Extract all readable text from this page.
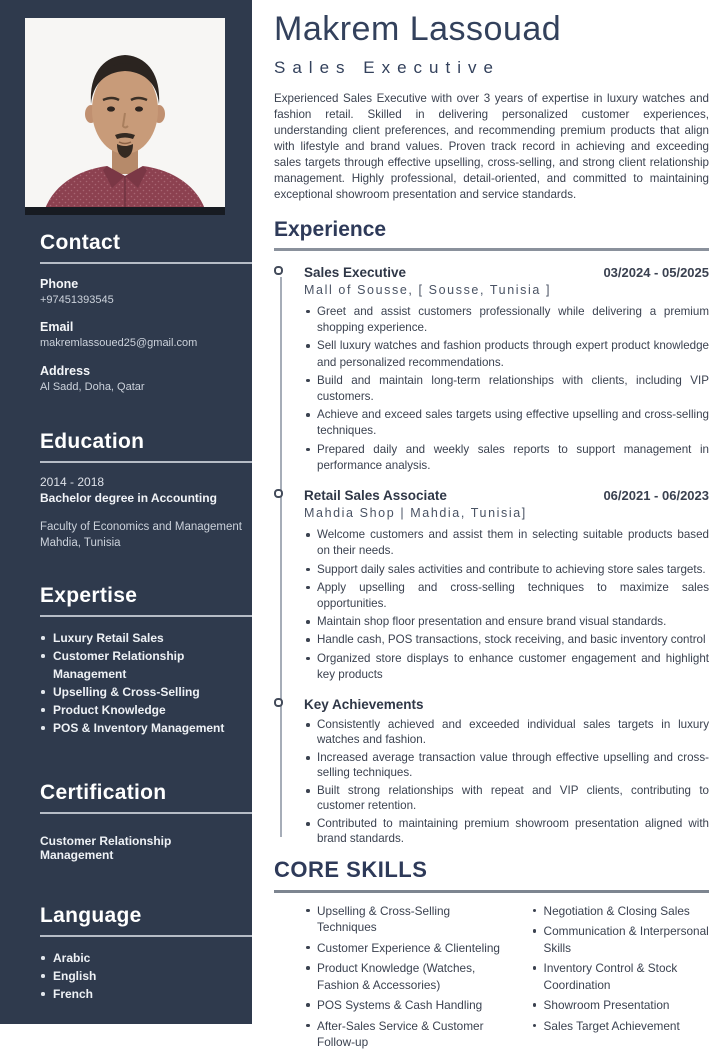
Contact
Phone
+97451393545
Email
makremlassoued25@gmail.com
Address
Al Sadd, Doha, Qatar
Education
2014 - 2018
Bachelor degree in Accounting
Faculty of Economics and Management
Mahdia, Tunisia
Expertise
Luxury Retail Sales
Customer Relationship Management
Upselling & Cross-Selling
Product Knowledge
POS & Inventory Management
Certification
Customer Relationship Management
Language
Arabic
English
French
Makrem Lassouad
Sales Executive

Experienced Sales Executive with over 3 years of expertise in luxury watches and fashion retail. Skilled in delivering personalized customer experiences, understanding client preferences, and recommending premium products that align with lifestyle and brand values. Proven track record in achieving and exceeding sales targets through effective upselling, cross-selling, and strong client relationship management. Highly professional, detail-oriented, and committed to maintaining exceptional showroom presentation and service standards.

Experience
Sales Executive	03/2024 - 05/2025
Mall of Sousse, [ Sousse, Tunisia ]
Greet and assist customers professionally while delivering a premium shopping experience.
Sell luxury watches and fashion products through expert product knowledge and personalized recommendations.
Build and maintain long-term relationships with clients, including VIP customers.
Achieve and exceed sales targets using effective upselling and cross-selling techniques.
Prepared daily and weekly sales reports to support management in performance analysis.
Retail Sales Associate	06/2021 - 06/2023
Mahdia Shop | Mahdia, Tunisia]
Welcome customers and assist them in selecting suitable products based on their needs.
Support daily sales activities and contribute to achieving store sales targets.
Apply upselling and cross-selling techniques to maximize sales opportunities.
Maintain shop floor presentation and ensure brand visual standards.
Handle cash, POS transactions, stock receiving, and basic inventory control
Organized store displays to enhance customer engagement and highlight key products
Key Achievements
Consistently achieved and exceeded individual sales targets in luxury watches and fashion.
Increased average transaction value through effective upselling and cross-selling techniques.
Built strong relationships with repeat and VIP clients, contributing to customer retention.
Contributed to maintaining premium showroom presentation aligned with brand standards.
CORE SKILLS
Upselling & Cross-Selling Techniques
Customer Experience & Clienteling
Product Knowledge (Watches, Fashion & Accessories)
POS Systems & Cash Handling
After-Sales Service & Customer Follow-up
Negotiation & Closing Sales
Communication & Interpersonal Skills
Inventory Control & Stock Coordination
Showroom Presentation
Sales Target Achievement
